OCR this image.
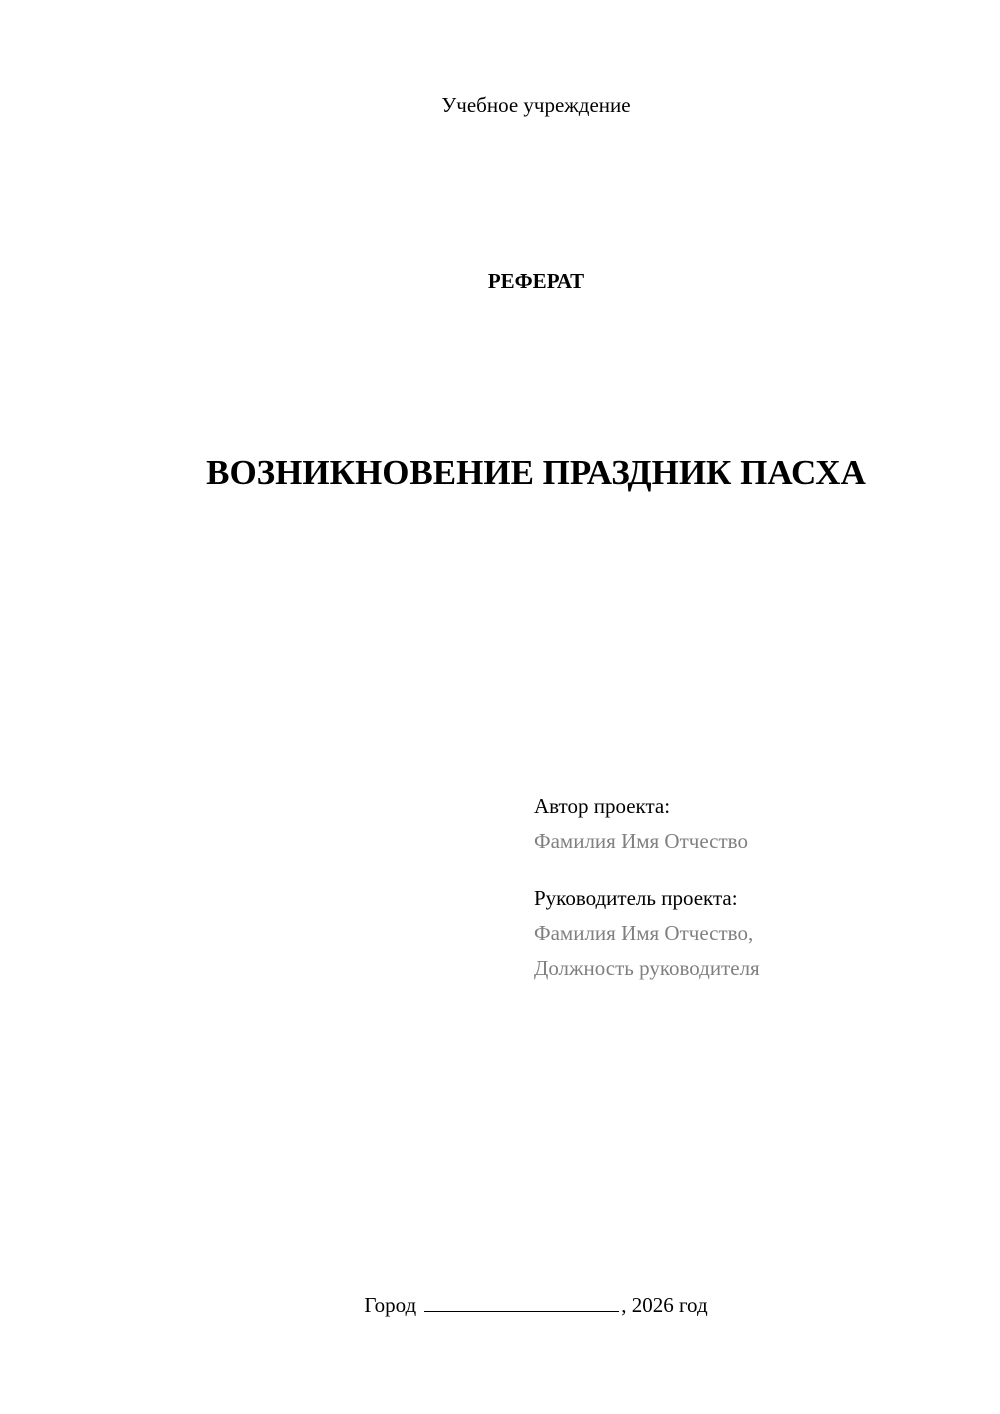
Учебное учреждение
РЕФЕРАТ
ВОЗНИКНОВЕНИЕ ПРАЗДНИК ПАСХА
Автор проекта:
Фамилия Имя Отчество
Руководитель проекта:
Фамилия Имя Отчество,
Должность руководителя
Город	, 2026 год
